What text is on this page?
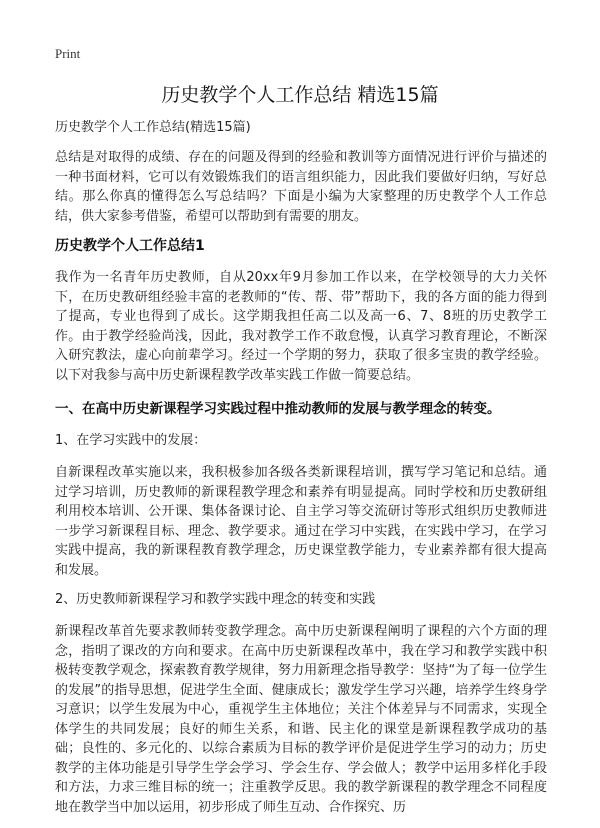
Print
历史教学个人工作总结 精选15篇
历史教学个人工作总结(精选15篇)

总结是对取得的成绩、存在的问题及得到的经验和教训等方面情况进行评价与描述的一种书面材料，它可以有效锻炼我们的语言组织能力，因此我们要做好归纳，写好总结。那么你真的懂得怎么写总结吗？下面是小编为大家整理的历史教学个人工作总结，供大家参考借鉴，希望可以帮助到有需要的朋友。

历史教学个人工作总结1

我作为一名青年历史教师，自从20xx年9月参加工作以来，在学校领导的大力关怀下，在历史教研组经验丰富的老教师的“传、帮、带”帮助下，我的各方面的能力得到了提高，专业也得到了成长。这学期我担任高二以及高一6、7、8班的历史教学工作。由于教学经验尚浅，因此，我对教学工作不敢怠慢，认真学习教育理论，不断深入研究教法，虚心向前辈学习。经过一个学期的努力，获取了很多宝贵的教学经验。以下对我参与高中历史新课程教学改革实践工作做一简要总结。

一、在高中历史新课程学习实践过程中推动教师的发展与教学理念的转变。
1、在学习实践中的发展：

自新课程改革实施以来，我积极参加各级各类新课程培训，撰写学习笔记和总结。通过学习培训，历史教师的新课程教学理念和素养有明显提高。同时学校和历史教研组利用校本培训、公开课、集体备课讨论、自主学习等交流研讨等形式组织历史教师进一步学习新课程目标、理念、教学要求。通过在学习中实践，在实践中学习，在学习实践中提高，我的新课程教育教学理念，历史课堂教学能力，专业素养都有很大提高和发展。

2、历史教师新课程学习和教学实践中理念的转变和实践

新课程改革首先要求教师转变教学理念。高中历史新课程阐明了课程的六个方面的理念，指明了课改的方向和要求。在高中历史新课程改革中，我在学习和教学实践中积极转变教学观念，探索教育教学规律，努力用新理念指导教学：坚持“为了每一位学生的发展”的指导思想，促进学生全面、健康成长；激发学生学习兴趣，培养学生终身学习意识；以学生发展为中心，重视学生主体地位；关注个体差异与不同需求，实现全体学生的共同发展；良好的师生关系，和谐、民主化的课堂是新课程教学成功的基础；良性的、多元化的、以综合素质为目标的教学评价是促进学生学习的动力；历史教学的主体功能是引导学生学会学习、学会生存、学会做人；教学中运用多样化手段和方法，力求三维目标的统一；注重教学反思。我的教学新课程的教学理念不同程度地在教学当中加以运用，初步形成了师生互动、合作探究、历
